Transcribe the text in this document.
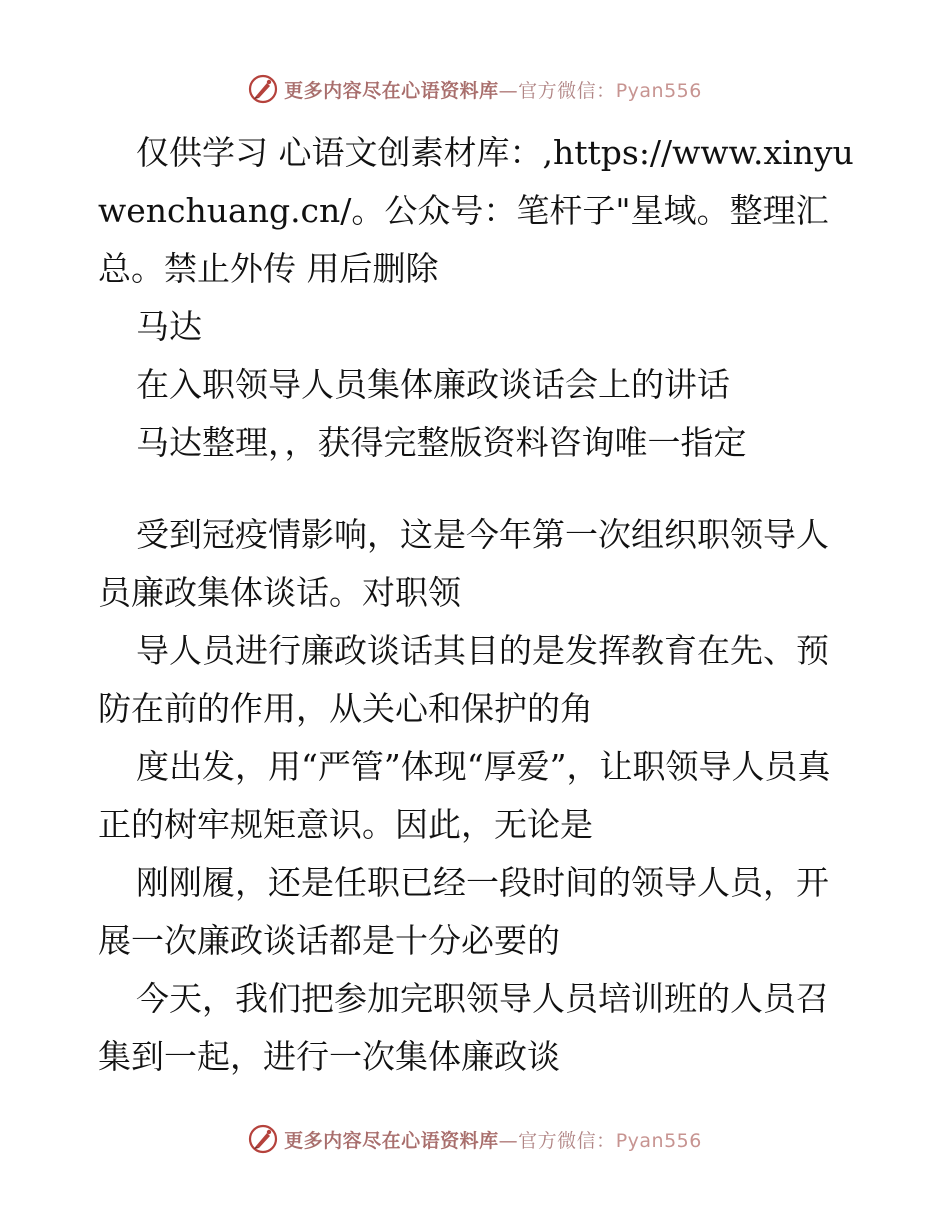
更多内容尽在心语资料库—官方微信：Pyan556

仅供学习 心语文创素材库：,https://www.xinyuwenchuang.cn/。公众号：笔杆子"星域。整理汇总。禁止外传 用后删除

马达

在入职领导人员集体廉政谈话会上的讲话

马达整理，，获得完整版资料咨询唯一指定

受到冠疫情影响，这是今年第一次组织职领导人员廉政集体谈话。对职领

导人员进行廉政谈话其目的是发挥教育在先、预防在前的作用，从关心和保护的角

度出发，用“严管”体现“厚爱”，让职领导人员真正的树牢规矩意识。因此，无论是

刚刚履，还是任职已经一段时间的领导人员，开展一次廉政谈话都是十分必要的

今天，我们把参加完职领导人员培训班的人员召集到一起，进行一次集体廉政谈

更多内容尽在心语资料库—官方微信：Pyan556
